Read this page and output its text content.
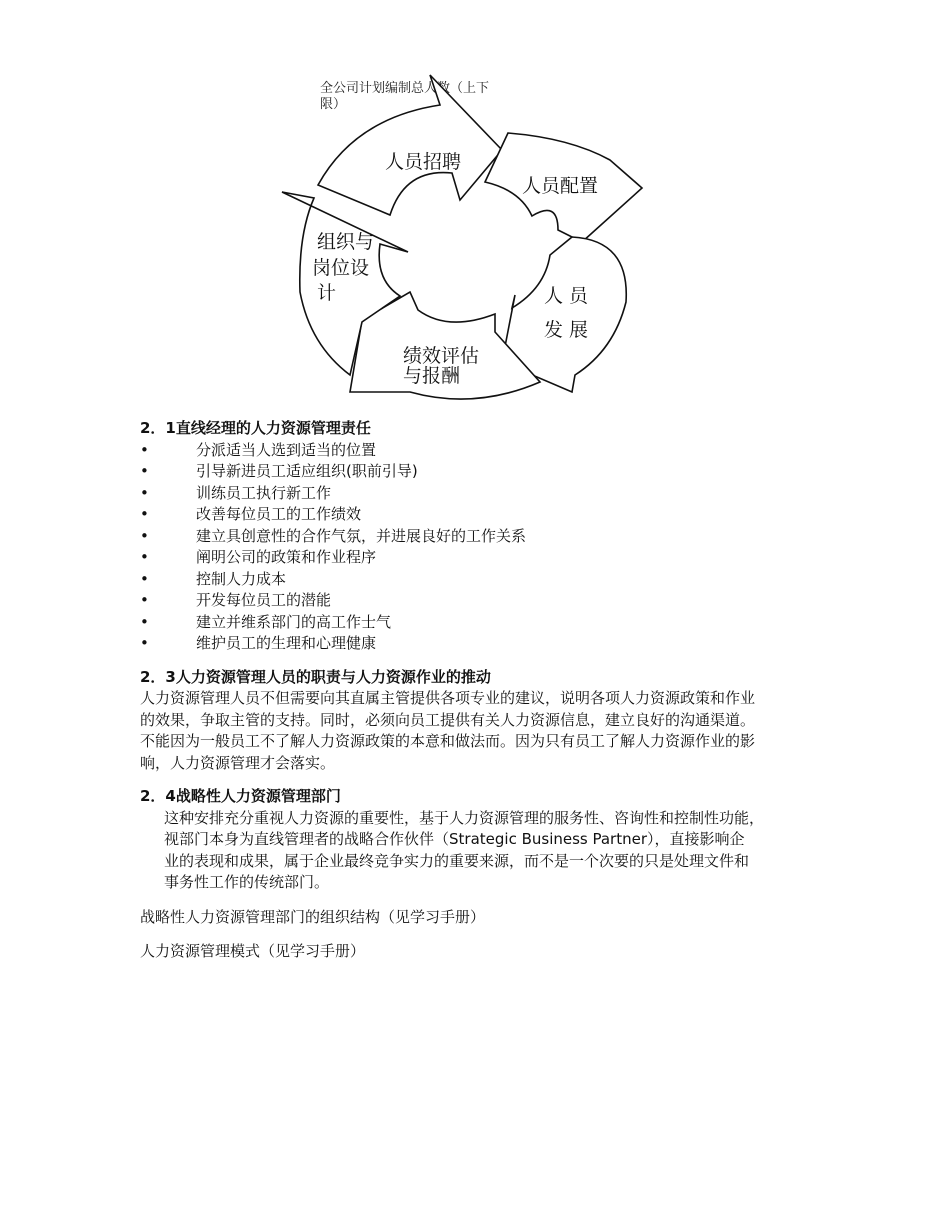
全公司计划编制总人数（上下限）
人员招聘
人员配置
人 员
发 展
绩效评估
与报酬
组织与
岗位设
计

2．1直线经理的人力资源管理责任

•	分派适当人选到适当的位置
•	引导新进员工适应组织(职前引导)
•	训练员工执行新工作
•	改善每位员工的工作绩效
•	建立具创意性的合作气氛，并进展良好的工作关系
•	阐明公司的政策和作业程序
•	控制人力成本
•	开发每位员工的潜能
•	建立并维系部门的高工作士气
•	维护员工的生理和心理健康

2．3人力资源管理人员的职责与人力资源作业的推动

人力资源管理人员不但需要向其直属主管提供各项专业的建议，说明各项人力资源政策和作业
的效果，争取主管的支持。同时，必须向员工提供有关人力资源信息，建立良好的沟通渠道。
不能因为一般员工不了解人力资源政策的本意和做法而。因为只有员工了解人力资源作业的影
响，人力资源管理才会落实。

2．4战略性人力资源管理部门

这种安排充分重视人力资源的重要性，基于人力资源管理的服务性、咨询性和控制性功能，
视部门本身为直线管理者的战略合作伙伴（Strategic Business Partner），直接影响企
业的表现和成果，属于企业最终竞争实力的重要来源，而不是一个次要的只是处理文件和
事务性工作的传统部门。

战略性人力资源管理部门的组织结构（见学习手册）

人力资源管理模式（见学习手册）
